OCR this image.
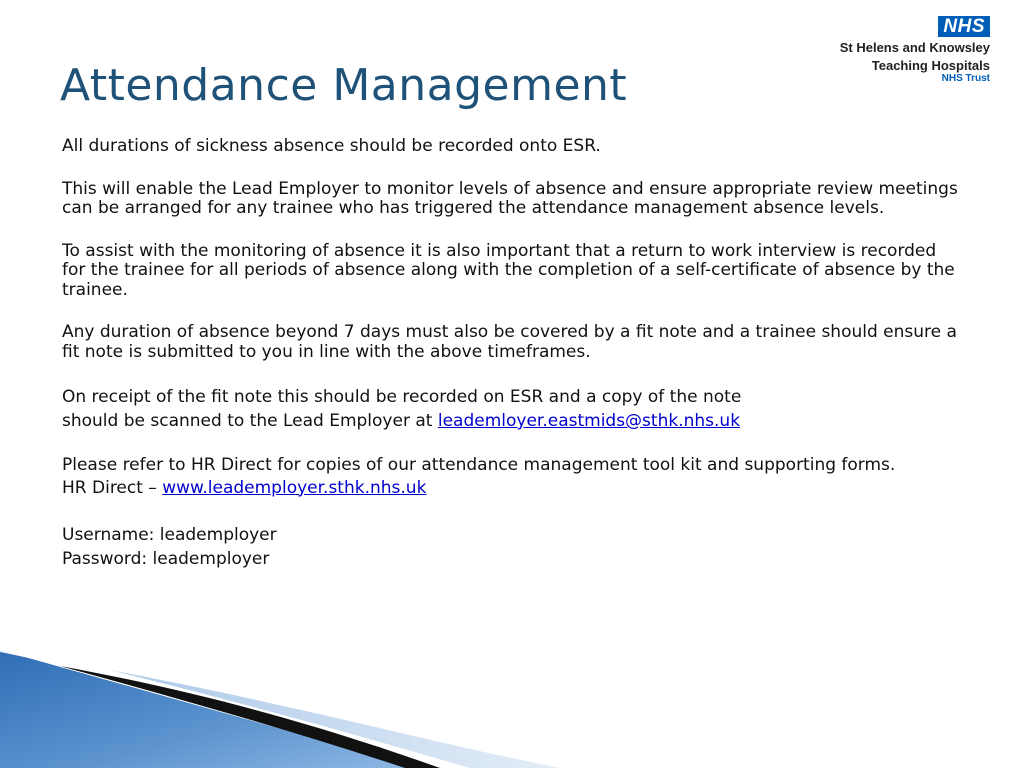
NHS
St Helens and Knowsley
Teaching Hospitals
NHS Trust
Attendance Management

All durations of sickness absence should be recorded onto ESR.

This will enable the Lead Employer to monitor levels of absence and ensure appropriate review meetings can be arranged for any trainee who has triggered the attendance management absence levels.

To assist with the monitoring of absence it is also important that a return to work interview is recorded for the trainee for all periods of absence along with the completion of a self-certificate of absence by the trainee.

Any duration of absence beyond 7 days must also be covered by a fit note and a trainee should ensure a fit note is submitted to you in line with the above timeframes.

On receipt of the fit note this should be recorded on ESR and a copy of the note
should be scanned to the Lead Employer at leademloyer.eastmids@sthk.nhs.uk

Please refer to HR Direct for copies of our attendance management tool kit and supporting forms.

HR Direct – www.leademployer.sthk.nhs.uk

Username: leademployer
Password: leademployer
